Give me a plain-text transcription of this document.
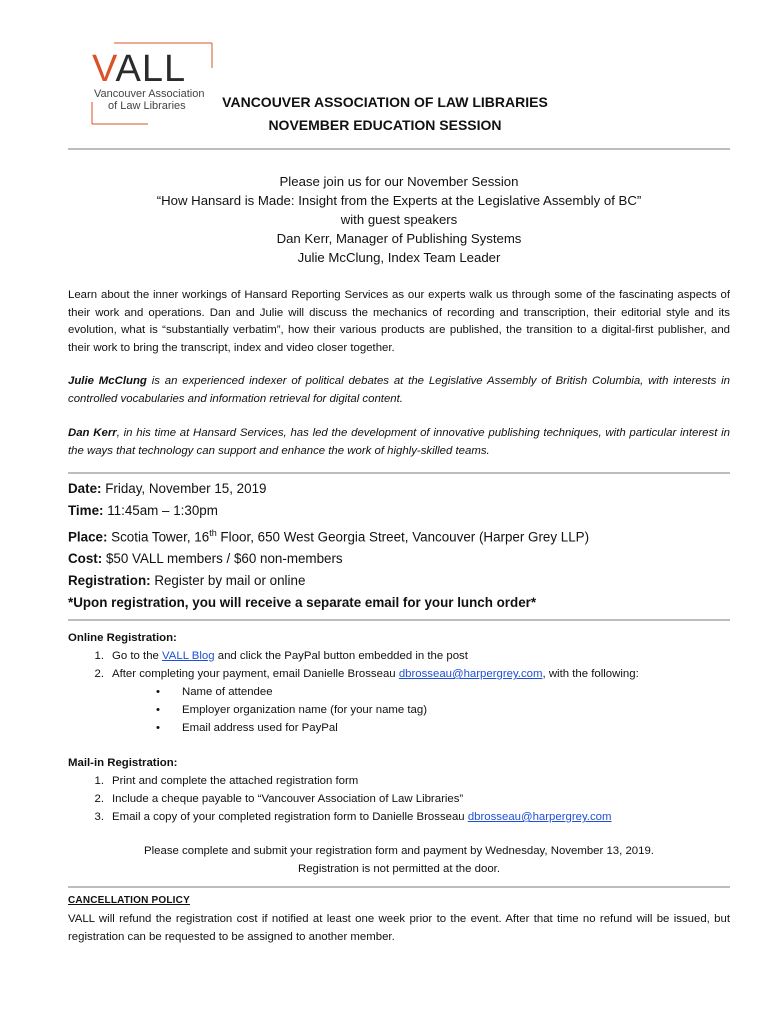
VALL
Vancouver Association
of Law Libraries	VANCOUVER ASSOCIATION OF LAW LIBRARIES
NOVEMBER EDUCATION SESSION
Please join us for our November Session
“How Hansard is Made: Insight from the Experts at the Legislative Assembly of BC”
with guest speakers
Dan Kerr, Manager of Publishing Systems
Julie McClung, Index Team Leader
Learn about the inner workings of Hansard Reporting Services as our experts walk us through some of the fascinating aspects of their work and operations. Dan and Julie will discuss the mechanics of recording and transcription, their editorial style and its evolution, what is “substantially verbatim”, how their various products are published, the transition to a digital-first publisher, and their work to bring the transcript, index and video closer together.
Julie McClung is an experienced indexer of political debates at the Legislative Assembly of British Columbia, with interests in controlled vocabularies and information retrieval for digital content.
Dan Kerr, in his time at Hansard Services, has led the development of innovative publishing techniques, with particular interest in the ways that technology can support and enhance the work of highly-skilled teams.
Date: Friday, November 15, 2019
Time: 11:45am – 1:30pm
Place: Scotia Tower, 16th Floor, 650 West Georgia Street, Vancouver (Harper Grey LLP)
Cost: $50 VALL members / $60 non-members
Registration: Register by mail or online
*Upon registration, you will receive a separate email for your lunch order*
Online Registration:
1. Go to the VALL Blog and click the PayPal button embedded in the post
2. After completing your payment, email Danielle Brosseau dbrosseau@harpergrey.com, with the following:
•	Name of attendee
•	Employer organization name (for your name tag)
•	Email address used for PayPal
Mail-in Registration:
1. Print and complete the attached registration form
2. Include a cheque payable to “Vancouver Association of Law Libraries”
3. Email a copy of your completed registration form to Danielle Brosseau dbrosseau@harpergrey.com
Please complete and submit your registration form and payment by Wednesday, November 13, 2019.
Registration is not permitted at the door.
CANCELLATION POLICY
VALL will refund the registration cost if notified at least one week prior to the event. After that time no refund will be issued, but registration can be requested to be assigned to another member.
